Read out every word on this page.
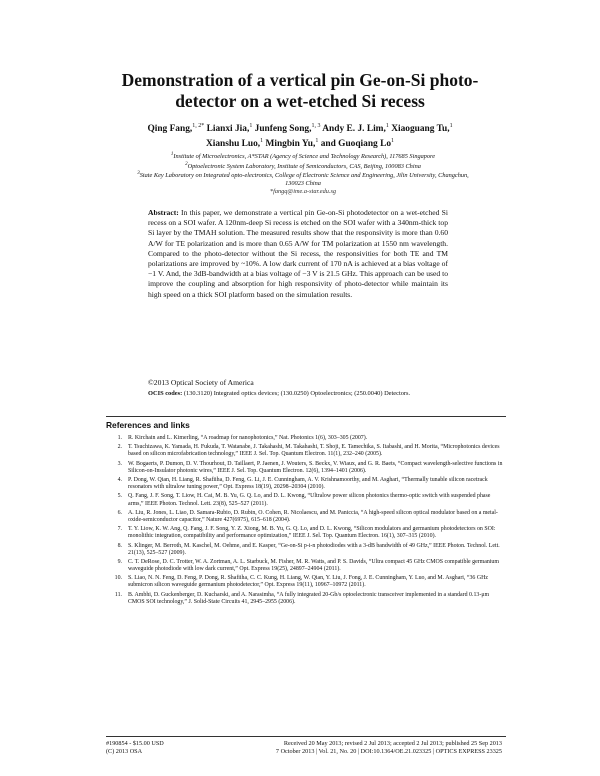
Demonstration of a vertical pin Ge-on-Si photo-
detector on a wet-etched Si recess
Qing Fang,$^{1, 2*}$ Lianxi Jia,$^1$ Junfeng Song,$^{1, 3}$ Andy E. J. Lim,$^1$ Xiaoguang Tu,$^1$
Xianshu Luo,$^1$ Mingbin Yu,$^1$ and Guoqiang Lo$^1$
$^1$Institute of Microelectronics, A*STAR (Agency of Science and Technology Research), 117685 Singapore
$^2$Optoelectronic System Laboratory, Institute of Semiconductors, CAS, Beijing, 100083 China
$^3$State Key Laboratory on Integrated opto-electronics, College of Electronic Science and Engineering, Jilin University, Changchun, 130023 China
*fangq@ime.a-star.edu.sg
Abstract: In this paper, we demonstrate a vertical pin Ge-on-Si photodetector on a wet-etched Si recess on a SOI wafer. A 120nm-deep Si recess is etched on the SOI wafer with a 340nm-thick top Si layer by the TMAH solution. The measured results show that the responsivity is more than 0.60 A/W for TE polarization and is more than 0.65 A/W for TM polarization at 1550 nm wavelength. Compared to the photo-detector without the Si recess, the responsivities for both TE and TM polarizations are improved by ~10%. A low dark current of 170 nA is achieved at a bias voltage of −1 V. And, the 3dB-bandwidth at a bias voltage of −3 V is 21.5 GHz. This approach can be used to improve the coupling and absorption for high responsivity of photo-detector while maintain its high speed on a thick SOI platform based on the simulation results.
©2013 Optical Society of America
OCIS codes: (130.3120) Integrated optics devices; (130.0250) Optoelectronics; (250.0040) Detectors.
References and links
1. R. Kirchain and L. Kimerling, “A roadmap for nanophotonics,” Nat. Photonics 1(6), 303–305 (2007).
2. T. Tsuchizawa, K. Yamada, H. Fukuda, T. Watanabe, J. Takahashi, M. Takahashi, T. Shoji, E. Tamechika, S. Itabashi, and H. Morita, “Microphotonics devices based on silicon microfabrication technology,” IEEE J. Sel. Top. Quantum Electron. 11(1), 232–240 (2005).
3. W. Bogaerts, P. Dumon, D. V. Thourhout, D. Taillaert, P. Jaenen, J. Wouters, S. Beckx, V. Wiaux, and G. R. Baets, “Compact wavelength-selective functions in Silicon-on-Insulator photonic wires,” IEEE J. Sel. Top. Quantum Electron. 12(6), 1394–1401 (2006).
4. P. Dong, W. Qian, H. Liang, R. Shafiiha, D. Feng, G. Li, J. E. Cunningham, A. V. Krishnamoorthy, and M. Asghari, “Thermally tunable silicon racetrack resonators with ultralow tuning power,” Opt. Express 18(19), 20298–20304 (2010).
5. Q. Fang, J. F. Song, T. Liow, H. Cai, M. B. Yu, G. Q. Lo, and D. L. Kwong, “Ultralow power silicon photonics thermo-optic switch with suspended phase arms,” IEEE Photon. Technol. Lett. 23(8), 525–527 (2011).
6. A. Liu, R. Jones, L. Liao, D. Samara-Rubio, D. Rubin, O. Cohen, R. Nicolaescu, and M. Paniccia, “A high-speed silicon optical modulator based on a metal-oxide-semiconductor capacitor,” Nature 427(6975), 615–618 (2004).
7. T. Y. Liow, K. W. Ang, Q. Fang, J. F. Song, Y. Z. Xiong, M. B. Yu, G. Q. Lo, and D. L. Kwong, “Silicon modulators and germanium photodetectors on SOI: monolithic integration, compatibility and performance optimization,” IEEE J. Sel. Top. Quantum Electron. 16(1), 307–315 (2010).
8. S. Klinger, M. Berroth, M. Kaschel, M. Oehme, and E. Kasper, “Ge-on-Si p-i-n photodiodes with a 3-dB bandwidth of 49 GHz,” IEEE Photon. Technol. Lett. 21(13), 525–527 (2009).
9. C. T. DeRose, D. C. Trotter, W. A. Zortman, A. L. Starbuck, M. Fisher, M. R. Watts, and P. S. Davids, “Ultra compact 45 GHz CMOS compatible germanium waveguide photodiode with low dark current,” Opt. Express 19(25), 24897–24904 (2011).
10. S. Liao, N. N. Feng, D. Feng, P. Dong, R. Shafiiha, C. C. Kung, H. Liang, W. Qian, Y. Liu, J. Fong, J. E. Cunningham, Y. Luo, and M. Asghari, “36 GHz submicron silicon waveguide germanium photodetector,” Opt. Express 19(11), 10967–10972 (2011).
11. B. Ambhi, D. Guckenberger, D. Kucharski, and A. Narasimha, “A fully integrated 20-Gb/s optoelectronic transceiver implemented in a standard 0.13-μm CMOS SOI technology,” J. Solid-State Circuits 41, 2945–2955 (2006).
#190854 - $15.00 USD	Received 20 May 2013; revised 2 Jul 2013; accepted 2 Jul 2013; published 25 Sep 2013
(C) 2013 OSA	7 October 2013 | Vol. 21, No. 20 | DOI:10.1364/OE.21.023325 | OPTICS EXPRESS 23325
